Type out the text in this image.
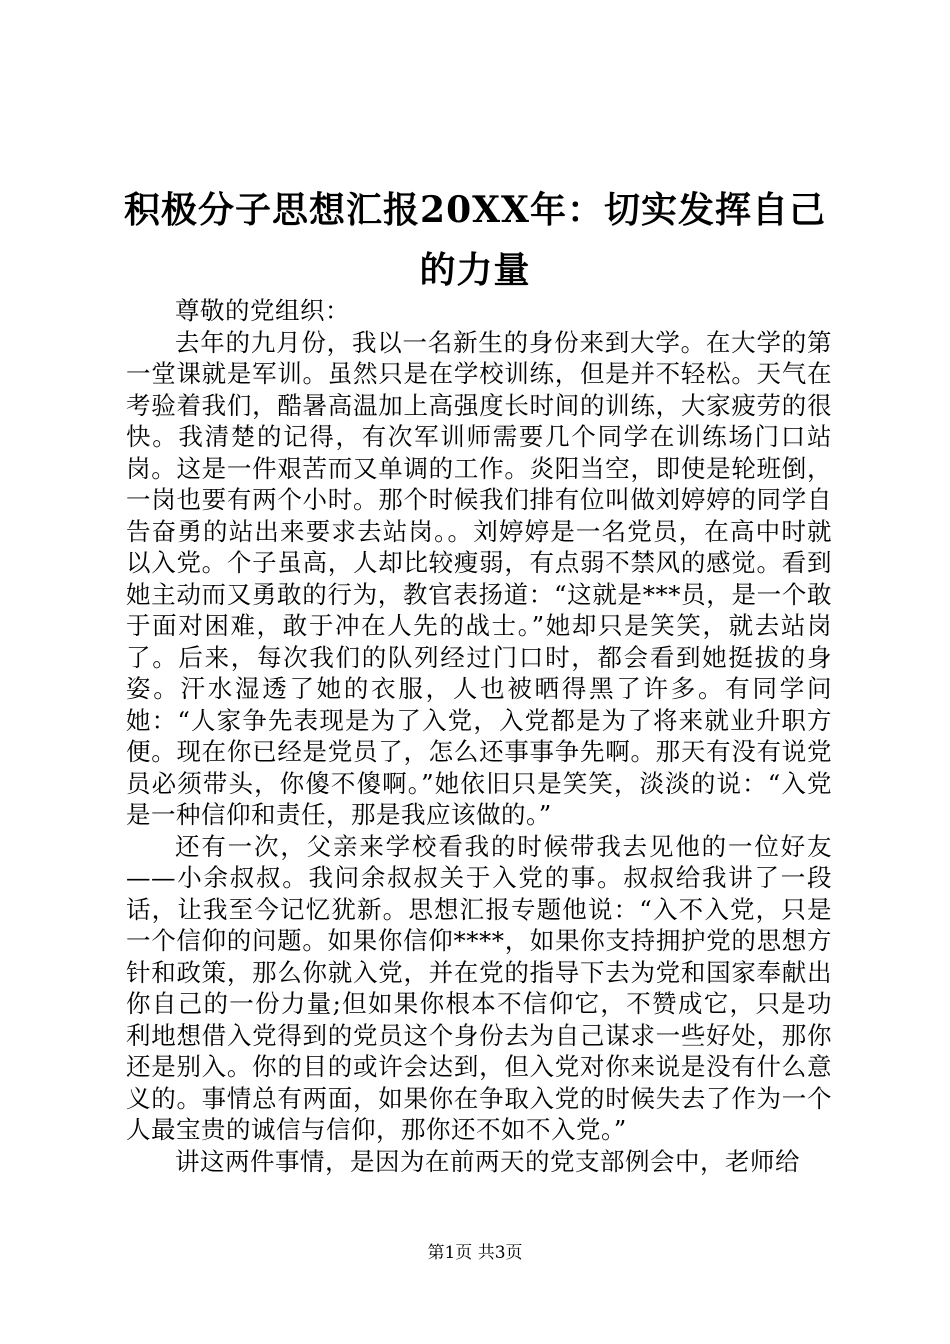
积极分子思想汇报20XX年：切实发挥自己的力量

尊敬的党组织：

去年的九月份，我以一名新生的身份来到大学。在大学的第一堂课就是军训。虽然只是在学校训练，但是并不轻松。天气在考验着我们，酷暑高温加上高强度长时间的训练，大家疲劳的很快。我清楚的记得，有次军训师需要几个同学在训练场门口站岗。这是一件艰苦而又单调的工作。炎阳当空，即使是轮班倒，一岗也要有两个小时。那个时候我们排有位叫做刘婷婷的同学自告奋勇的站出来要求去站岗。。刘婷婷是一名党员，在高中时就以入党。个子虽高，人却比较瘦弱，有点弱不禁风的感觉。看到她主动而又勇敢的行为，教官表扬道：“这就是***员，是一个敢于面对困难，敢于冲在人先的战士。”她却只是笑笑，就去站岗了。后来，每次我们的队列经过门口时，都会看到她挺拔的身姿。汗水湿透了她的衣服，人也被晒得黑了许多。有同学问她：“人家争先表现是为了入党，入党都是为了将来就业升职方便。现在你已经是党员了，怎么还事事争先啊。那天有没有说党员必须带头，你傻不傻啊。”她依旧只是笑笑，淡淡的说：“入党是一种信仰和责任，那是我应该做的。”

还有一次，父亲来学校看我的时候带我去见他的一位好友——小余叔叔。我问余叔叔关于入党的事。叔叔给我讲了一段话，让我至今记忆犹新。思想汇报专题他说：“入不入党，只是一个信仰的问题。如果你信仰****，如果你支持拥护党的思想方针和政策，那么你就入党，并在党的指导下去为党和国家奉献出你自己的一份力量;但如果你根本不信仰它，不赞成它，只是功利地想借入党得到的党员这个身份去为自己谋求一些好处，那你还是别入。你的目的或许会达到，但入党对你来说是没有什么意义的。事情总有两面，如果你在争取入党的时候失去了作为一个人最宝贵的诚信与信仰，那你还不如不入党。”

讲这两件事情，是因为在前两天的党支部例会中，老师给

第1页 共3页
